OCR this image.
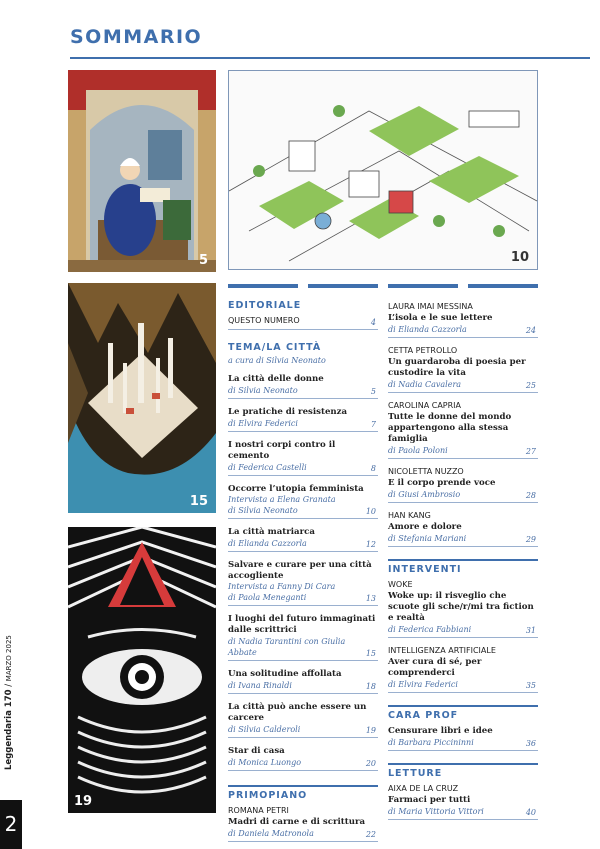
Leggendaria 170 / MARZO 2025
2
SOMMARIO
5	10
15
19
EDITORIALE
QUESTO NUMERO	4
TEMA/LA CITTÀ
a cura di Silvia Neonato
La città delle donne
di Silvia Neonato	5
Le pratiche di resistenza
di Elvira Federici	7
I nostri corpi contro il cemento
di Federica Castelli	8
Occorre l’utopia femminista
Intervista a Elena Granata
di Silvia Neonato	10
La città matriarca
di Elianda Cazzorla	12
Salvare e curare per una città accogliente
Intervista a Fanny Di Cara
di Paola Meneganti	13
I luoghi del futuro immaginati dalle scrittrici
di Nadia Tarantini con Giulia Abbate	15
Una solitudine affollata
di Ivana Rinaldi	18
La città può anche essere un carcere
di Silvia Calderoli	19
Star di casa
di Monica Luongo	20
PRIMOPIANO
ROMANA PETRI
Madri di carne e di scrittura
di Daniela Matronola	22
LAURA IMAI MESSINA
L’isola e le sue lettere
di Elianda Cazzorla	24
CETTA PETROLLO
Un guardaroba di poesia per custodire la vita
di Nadia Cavalera	25
CAROLINA CAPRIA
Tutte le donne del mondo appartengono alla stessa famiglia
di Paola Poloni	27
NICOLETTA NUZZO
E il corpo prende voce
di Giusi Ambrosio	28
HAN KANG
Amore e dolore
di Stefania Mariani	29
INTERVENTI
WOKE
Woke up: il risveglio che scuote gli sche/r/mi tra fiction e realtà
di Federica Fabbiani	31
INTELLIGENZA ARTIFICIALE
Aver cura di sé, per comprenderci
di Elvira Federici	35
CARA PROF
Censurare libri e idee
di Barbara Piccininni	36
LETTURE
AIXA DE LA CRUZ
Farmaci per tutti
di Maria Vittoria Vittori	40
